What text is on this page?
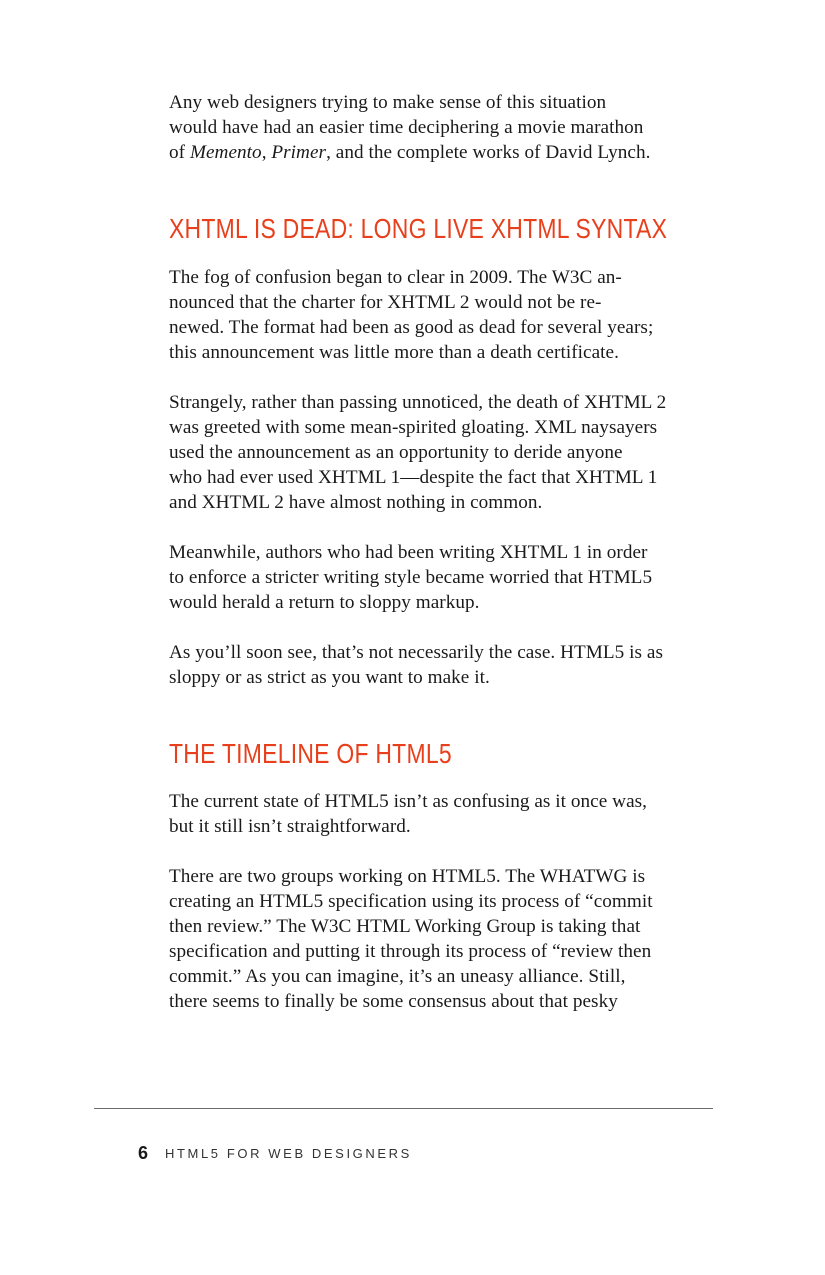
Any web designers trying to make sense of this situation
would have had an easier time deciphering a movie marathon
of Memento, Primer, and the complete works of David Lynch.

XHTML IS DEAD: LONG LIVE XHTML SYNTAX

The fog of confusion began to clear in 2009. The W3C an-
nounced that the charter for XHTML 2 would not be re-
newed. The format had been as good as dead for several years;
this announcement was little more than a death certificate.

Strangely, rather than passing unnoticed, the death of XHTML 2
was greeted with some mean-spirited gloating. XML naysayers
used the announcement as an opportunity to deride anyone
who had ever used XHTML 1—despite the fact that XHTML 1
and XHTML 2 have almost nothing in common.

Meanwhile, authors who had been writing XHTML 1 in order
to enforce a stricter writing style became worried that HTML5
would herald a return to sloppy markup.

As you’ll soon see, that’s not necessarily the case. HTML5 is as
sloppy or as strict as you want to make it.

THE TIMELINE OF HTML5

The current state of HTML5 isn’t as confusing as it once was,
but it still isn’t straightforward.

There are two groups working on HTML5. The WHATWG is
creating an HTML5 specification using its process of “commit
then review.” The W3C HTML Working Group is taking that
specification and putting it through its process of “review then
commit.” As you can imagine, it’s an uneasy alliance. Still,
there seems to finally be some consensus about that pesky

6 HTML5 FOR WEB DESIGNERS
